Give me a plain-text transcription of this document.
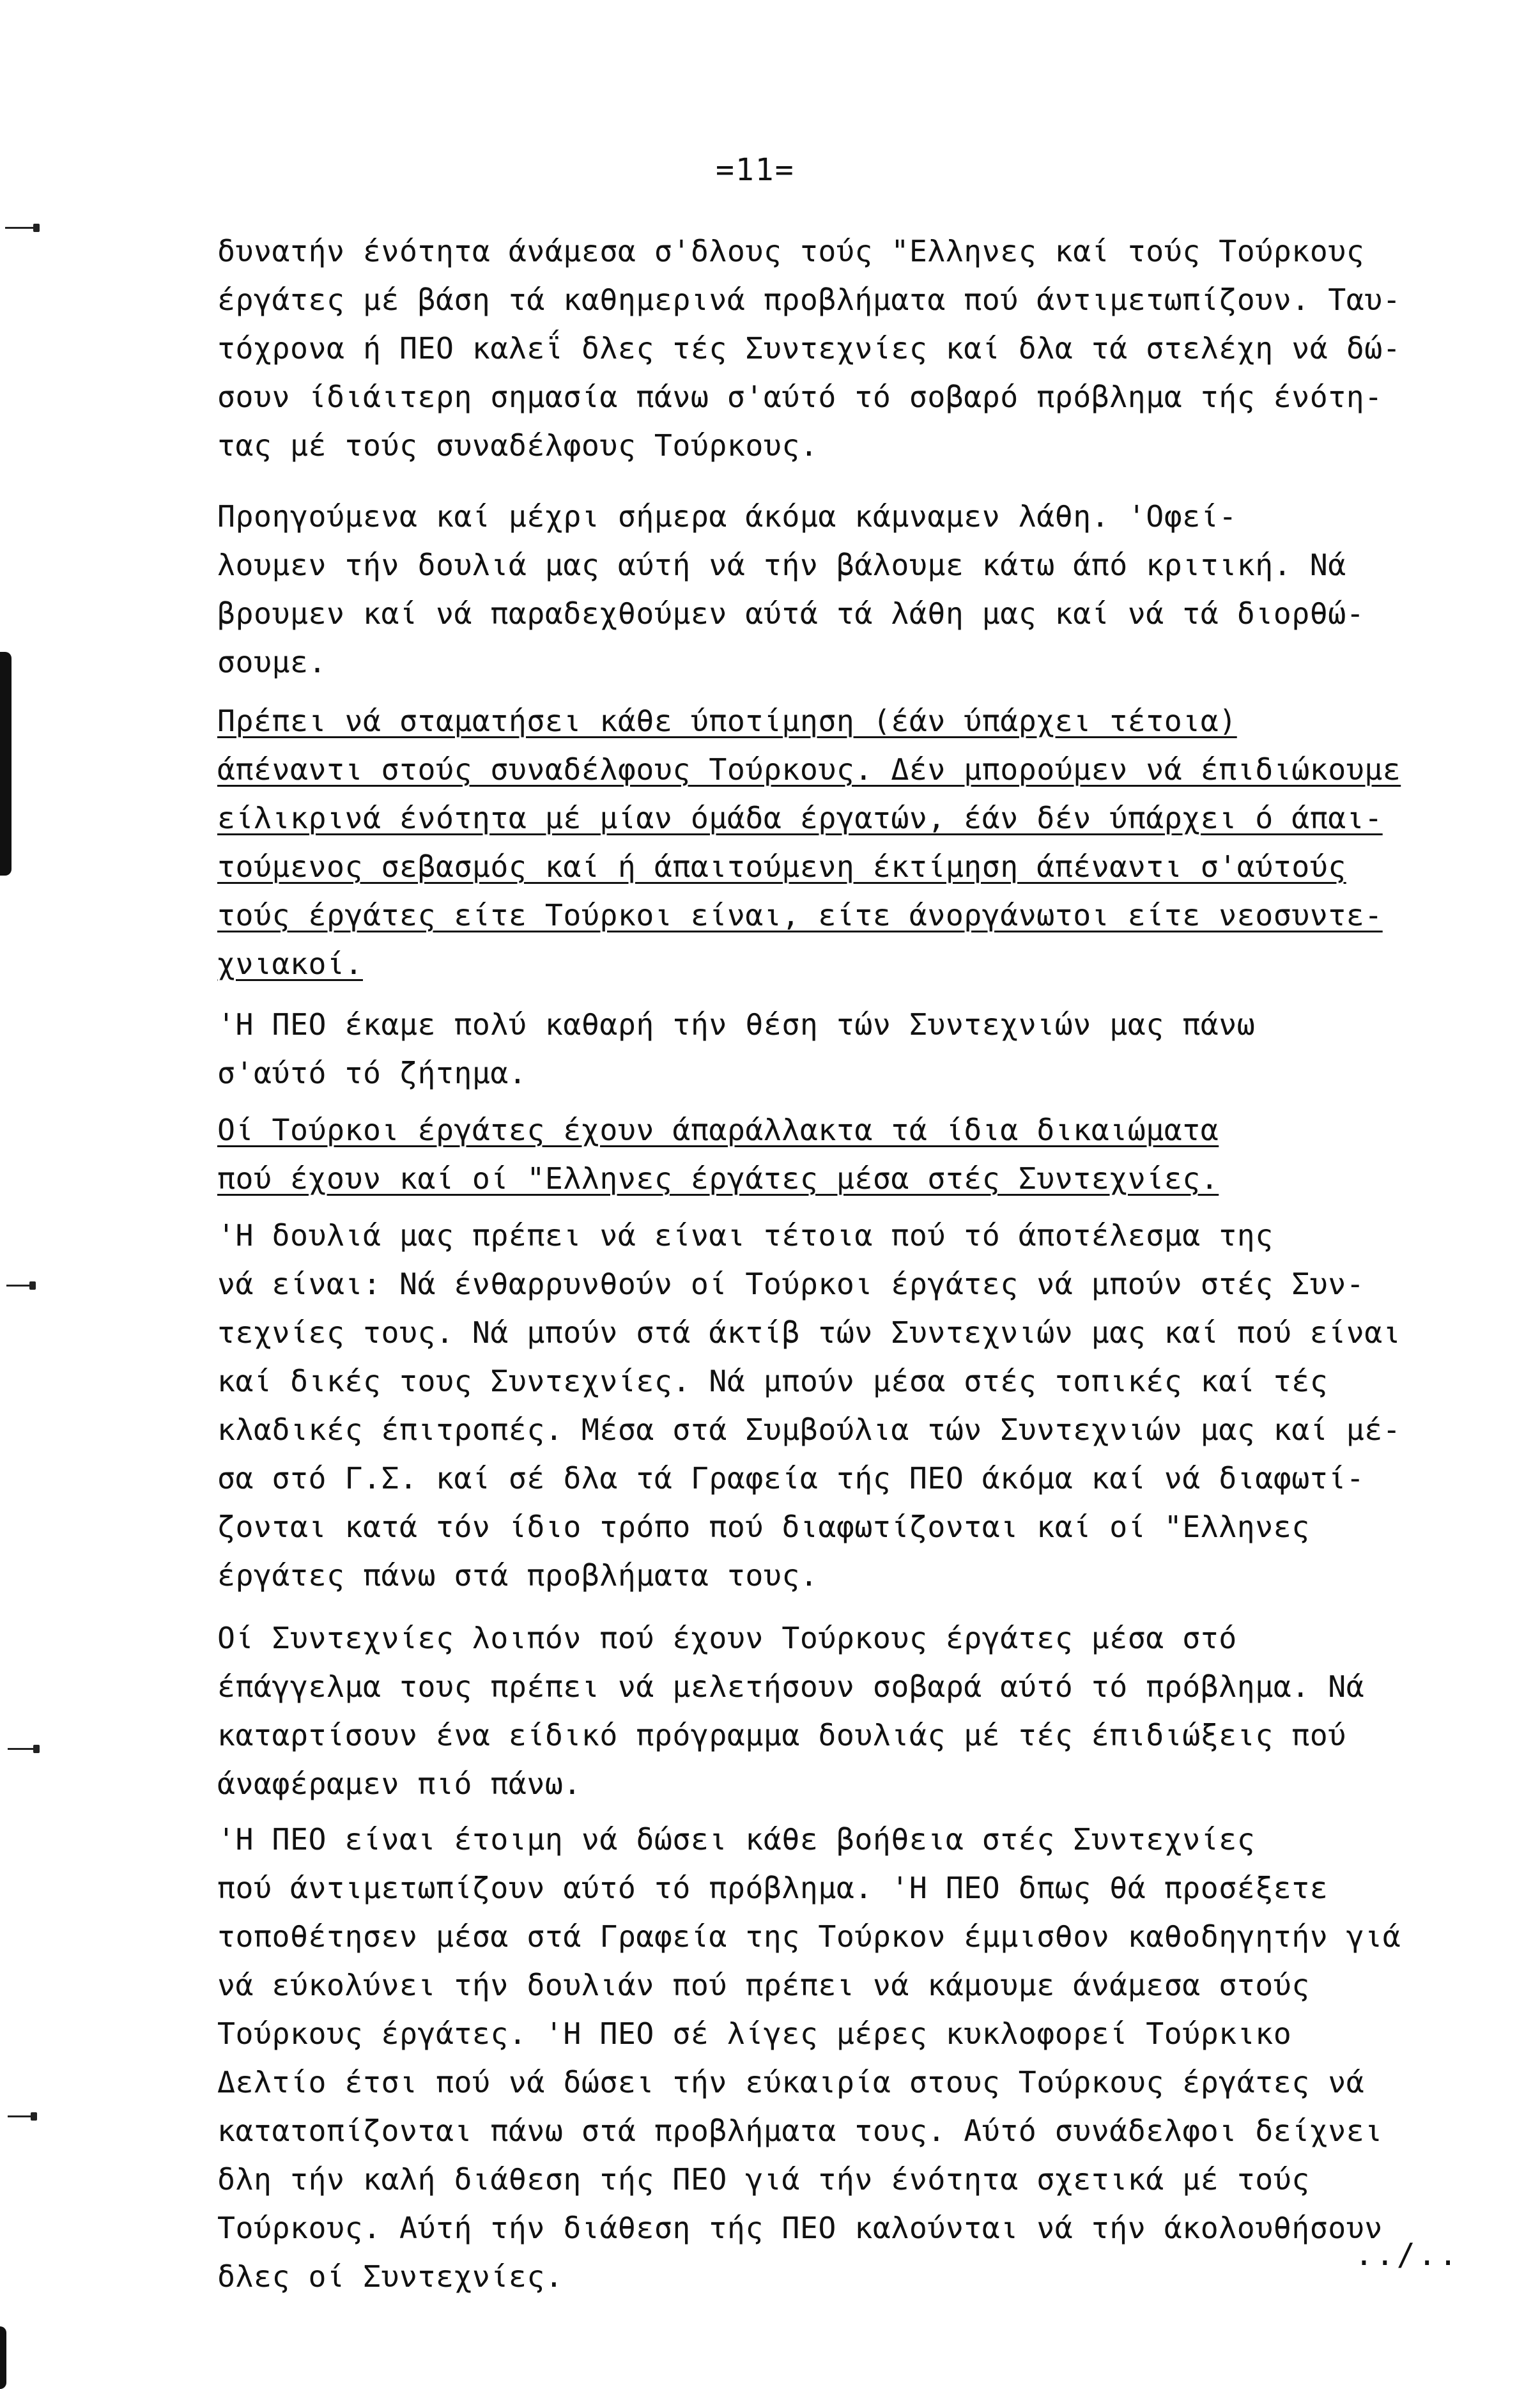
=11=

δυνατήν ένότητα άνάμεσα σ'δλους τούς "Ελληνες καί τούς Τούρκους
έργάτες μέ βάση τά καθημερινά προβλήματα πού άντιμετωπίζουν. Ταυ-
τόχρονα ή ΠΕΟ καλεΐ δλες τές Συντεχνίες καί δλα τά στελέχη νά δώ-
σουν ίδιάιτερη σημασία πάνω σ'αύτό τό σοβαρό πρόβλημα τής ένότη-
τας μέ τούς συναδέλφους Τούρκους.

Προηγούμενα καί μέχρι σήμερα άκόμα κάμναμεν λάθη. 'Οφεί-
λουμεν τήν δουλιά μας αύτή νά τήν βάλουμε κάτω άπό κριτική. Νά
βρουμεν καί νά παραδεχθούμεν αύτά τά λάθη μας καί νά τά διορθώ-
σουμε.

Πρέπει νά σταματήσει κάθε ύποτίμηση (έάν ύπάρχει τέτοια)
άπέναντι στούς συναδέλφους Τούρκους. Δέν μπορούμεν νά έπιδιώκουμε
είλικρινά ένότητα μέ μίαν όμάδα έργατών, έάν δέν ύπάρχει ό άπαι-
τούμενος σεβασμός καί ή άπαιτούμενη έκτίμηση άπέναντι σ'αύτούς
τούς έργάτες είτε Τούρκοι είναι, είτε άνοργάνωτοι είτε νεοσυντε-
χνιακοί.

'Η ΠΕΟ έκαμε πολύ καθαρή τήν θέση τών Συντεχνιών μας πάνω
σ'αύτό τό ζήτημα.

Οί Τούρκοι έργάτες έχουν άπαράλλακτα τά ίδια δικαιώματα
πού έχουν καί οί "Ελληνες έργάτες μέσα στές Συντεχνίες.

'Η δουλιά μας πρέπει νά είναι τέτοια πού τό άποτέλεσμα της
νά είναι: Νά ένθαρρυνθούν οί Τούρκοι έργάτες νά μπούν στές Συν-
τεχνίες τους. Νά μπούν στά άκτίβ τών Συντεχνιών μας καί πού είναι
καί δικές τους Συντεχνίες. Νά μπούν μέσα στές τοπικές καί τές
κλαδικές έπιτροπές. Μέσα στά Συμβούλια τών Συντεχνιών μας καί μέ-
σα στό Γ.Σ. καί σέ δλα τά Γραφεία τής ΠΕΟ άκόμα καί νά διαφωτί-
ζονται κατά τόν ίδιο τρόπο πού διαφωτίζονται καί οί "Ελληνες
έργάτες πάνω στά προβλήματα τους.

Οί Συντεχνίες λοιπόν πού έχουν Τούρκους έργάτες μέσα στό
έπάγγελμα τους πρέπει νά μελετήσουν σοβαρά αύτό τό πρόβλημα. Νά
καταρτίσουν ένα είδικό πρόγραμμα δουλιάς μέ τές έπιδιώξεις πού
άναφέραμεν πιό πάνω.

'Η ΠΕΟ είναι έτοιμη νά δώσει κάθε βοήθεια στές Συντεχνίες
πού άντιμετωπίζουν αύτό τό πρόβλημα. 'Η ΠΕΟ δπως θά προσέξετε
τοποθέτησεν μέσα στά Γραφεία της Τούρκον έμμισθον καθοδηγητήν γιά
νά εύκολύνει τήν δουλιάν πού πρέπει νά κάμουμε άνάμεσα στούς
Τούρκους έργάτες. 'Η ΠΕΟ σέ λίγες μέρες κυκλοφορεί Τούρκικο
Δελτίο έτσι πού νά δώσει τήν εύκαιρία στους Τούρκους έργάτες νά
κατατοπίζονται πάνω στά προβλήματα τους. Αύτό συνάδελφοι δείχνει
δλη τήν καλή διάθεση τής ΠΕΟ γιά τήν ένότητα σχετικά μέ τούς
Τούρκους. Αύτή τήν διάθεση τής ΠΕΟ καλούνται νά τήν άκολουθήσουν
δλες οί Συντεχνίες.

../..
